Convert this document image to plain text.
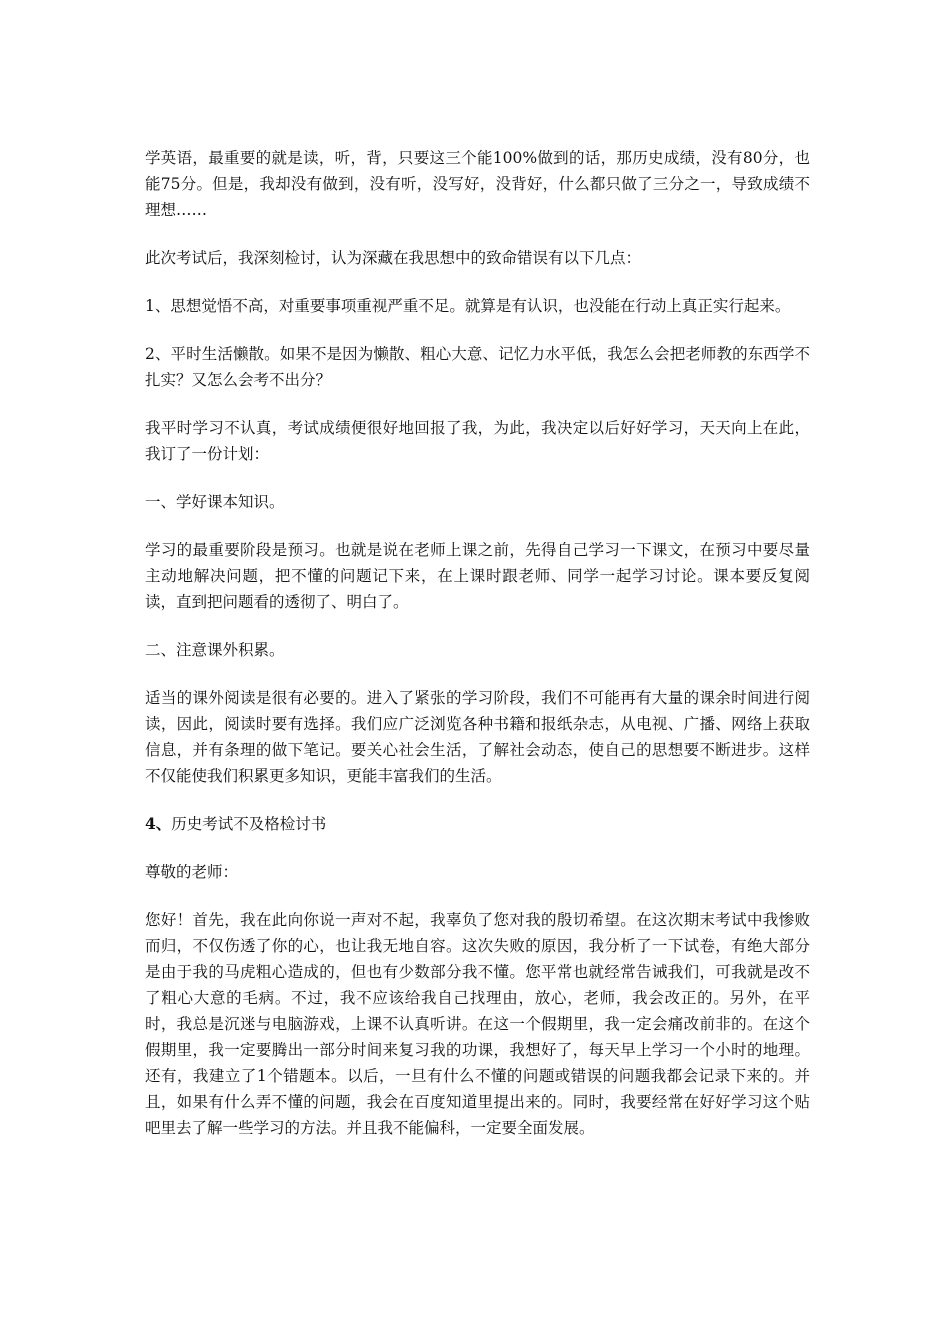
学英语，最重要的就是读，听，背，只要这三个能100%做到的话，那历史成绩，没有80分，也能75分。但是，我却没有做到，没有听，没写好，没背好，什么都只做了三分之一，导致成绩不理想……

此次考试后，我深刻检讨，认为深藏在我思想中的致命错误有以下几点：

1、思想觉悟不高，对重要事项重视严重不足。就算是有认识，也没能在行动上真正实行起来。

2、平时生活懒散。如果不是因为懒散、粗心大意、记忆力水平低，我怎么会把老师教的东西学不扎实？又怎么会考不出分？

我平时学习不认真，考试成绩便很好地回报了我，为此，我决定以后好好学习，天天向上在此，我订了一份计划：

一、学好课本知识。

学习的最重要阶段是预习。也就是说在老师上课之前，先得自己学习一下课文，在预习中要尽量主动地解决问题，把不懂的问题记下来，在上课时跟老师、同学一起学习讨论。课本要反复阅读，直到把问题看的透彻了、明白了。

二、注意课外积累。

适当的课外阅读是很有必要的。进入了紧张的学习阶段，我们不可能再有大量的课余时间进行阅读，因此，阅读时要有选择。我们应广泛浏览各种书籍和报纸杂志，从电视、广播、网络上获取信息，并有条理的做下笔记。要关心社会生活，了解社会动态，使自己的思想要不断进步。这样不仅能使我们积累更多知识，更能丰富我们的生活。

4、历史考试不及格检讨书

尊敬的老师：

您好！首先，我在此向你说一声对不起，我辜负了您对我的殷切希望。在这次期末考试中我惨败而归，不仅伤透了你的心，也让我无地自容。这次失败的原因，我分析了一下试卷，有绝大部分是由于我的马虎粗心造成的，但也有少数部分我不懂。您平常也就经常告诫我们，可我就是改不了粗心大意的毛病。不过，我不应该给我自己找理由，放心，老师，我会改正的。另外，在平时，我总是沉迷与电脑游戏，上课不认真听讲。在这一个假期里，我一定会痛改前非的。在这个假期里，我一定要腾出一部分时间来复习我的功课，我想好了，每天早上学习一个小时的地理。还有，我建立了1个错题本。以后，一旦有什么不懂的问题或错误的问题我都会记录下来的。并且，如果有什么弄不懂的问题，我会在百度知道里提出来的。同时，我要经常在好好学习这个贴吧里去了解一些学习的方法。并且我不能偏科，一定要全面发展。
